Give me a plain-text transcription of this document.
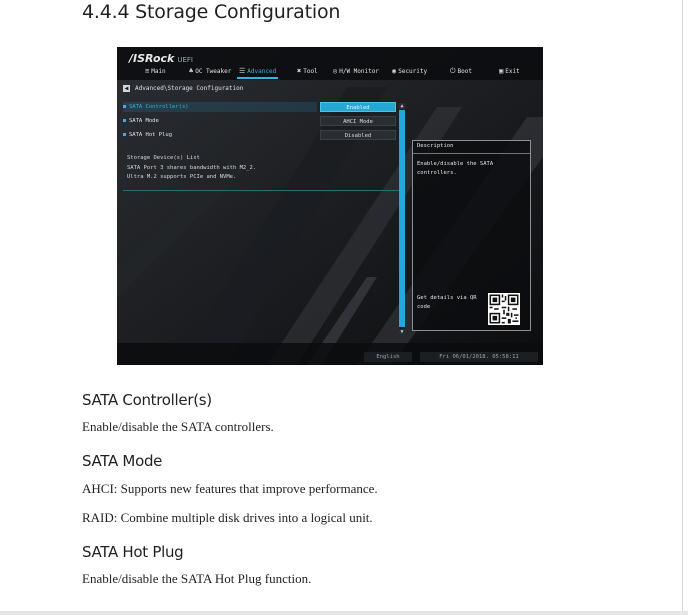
4.4.4 Storage Configuration
/ISRock UEFI
≡ Main	♣ OC Tweaker ☰ Advanced	✖ Tool ◎ H/W Monitor ◉ Security	⏻ Boot	▣ Exit
◀ Advanced\Storage Configuration
SATA Controller(s)	Enabled
SATA Mode	AHCI Mode
SATA Hot Plug	Disabled
Storage Device(s) List
SATA Port 3 shares bandwidth with M2_2.
Ultra M.2 supports PCIe and NVMe.
▲
▼
Description
Enable/disable the SATA controllers.
Get details via QR code
English	Fri 06/01/2018. 05:58:11
SATA Controller(s)

Enable/disable the SATA controllers.

SATA Mode

AHCI: Supports new features that improve performance.

RAID: Combine multiple disk drives into a logical unit.

SATA Hot Plug

Enable/disable the SATA Hot Plug function.
